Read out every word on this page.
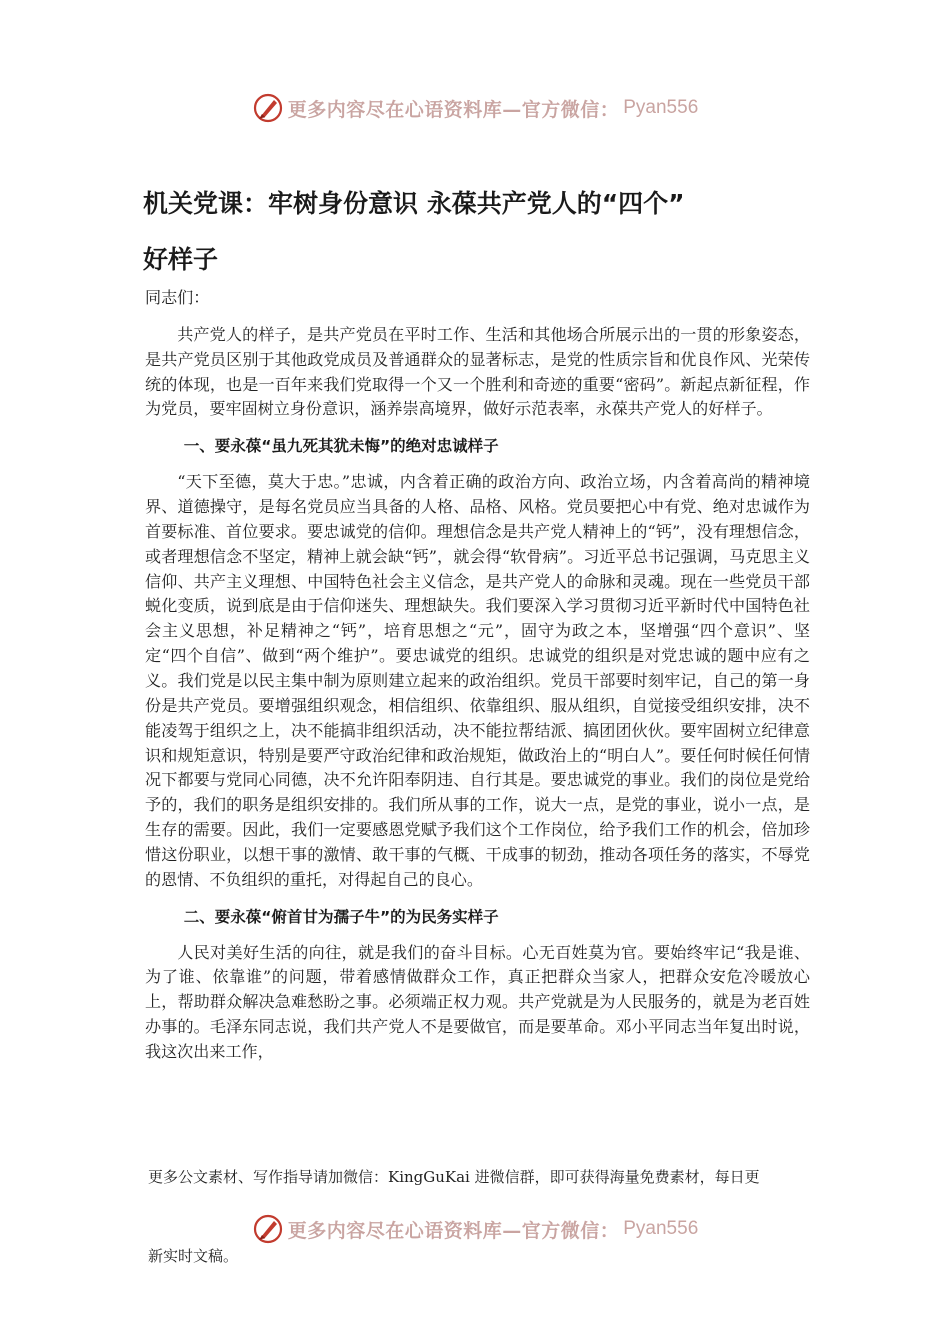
更多内容尽在心语资料库—官方微信： Pyan556
机关党课：牢树身份意识 永葆共产党人的“四个”
好样子

同志们：

共产党人的样子，是共产党员在平时工作、生活和其他场合所展示出的一贯的形象姿态，是共产党员区别于其他政党成员及普通群众的显著标志，是党的性质宗旨和优良作风、光荣传统的体现，也是一百年来我们党取得一个又一个胜利和奇迹的重要“密码”。新起点新征程，作为党员，要牢固树立身份意识，涵养崇高境界，做好示范表率，永葆共产党人的好样子。

一、要永葆“虽九死其犹未悔”的绝对忠诚样子

“天下至德，莫大于忠。”忠诚，内含着正确的政治方向、政治立场，内含着高尚的精神境界、道德操守，是每名党员应当具备的人格、品格、风格。党员要把心中有党、绝对忠诚作为首要标准、首位要求。要忠诚党的信仰。理想信念是共产党人精神上的“钙”，没有理想信念，或者理想信念不坚定，精神上就会缺“钙”，就会得“软骨病”。习近平总书记强调，马克思主义信仰、共产主义理想、中国特色社会主义信念，是共产党人的命脉和灵魂。现在一些党员干部蜕化变质，说到底是由于信仰迷失、理想缺失。我们要深入学习贯彻习近平新时代中国特色社会主义思想，补足精神之“钙”，培育思想之“元”，固守为政之本，坚增强“四个意识”、坚定“四个自信”、做到“两个维护”。要忠诚党的组织。忠诚党的组织是对党忠诚的题中应有之义。我们党是以民主集中制为原则建立起来的政治组织。党员干部要时刻牢记，自己的第一身份是共产党员。要增强组织观念，相信组织、依靠组织、服从组织，自觉接受组织安排，决不能凌驾于组织之上，决不能搞非组织活动，决不能拉帮结派、搞团团伙伙。要牢固树立纪律意识和规矩意识，特别是要严守政治纪律和政治规矩，做政治上的“明白人”。要任何时候任何情况下都要与党同心同德，决不允许阳奉阴违、自行其是。要忠诚党的事业。我们的岗位是党给予的，我们的职务是组织安排的。我们所从事的工作，说大一点，是党的事业，说小一点，是生存的需要。因此，我们一定要感恩党赋予我们这个工作岗位，给予我们工作的机会，倍加珍惜这份职业，以想干事的激情、敢干事的气概、干成事的韧劲，推动各项任务的落实，不辱党的恩情、不负组织的重托，对得起自己的良心。

二、要永葆“俯首甘为孺子牛”的为民务实样子

人民对美好生活的向往，就是我们的奋斗目标。心无百姓莫为官。要始终牢记“我是谁、为了谁、依靠谁”的问题，带着感情做群众工作，真正把群众当家人，把群众安危冷暖放心上，帮助群众解决急难愁盼之事。必须端正权力观。共产党就是为人民服务的，就是为老百姓办事的。毛泽东同志说，我们共产党人不是要做官，而是要革命。邓小平同志当年复出时说，我这次出来工作，

更多公文素材、写作指导请加微信：KingGuKai 进微信群，即可获得海量免费素材，每日更
更多内容尽在心语资料库—官方微信： Pyan556
新实时文稿。
